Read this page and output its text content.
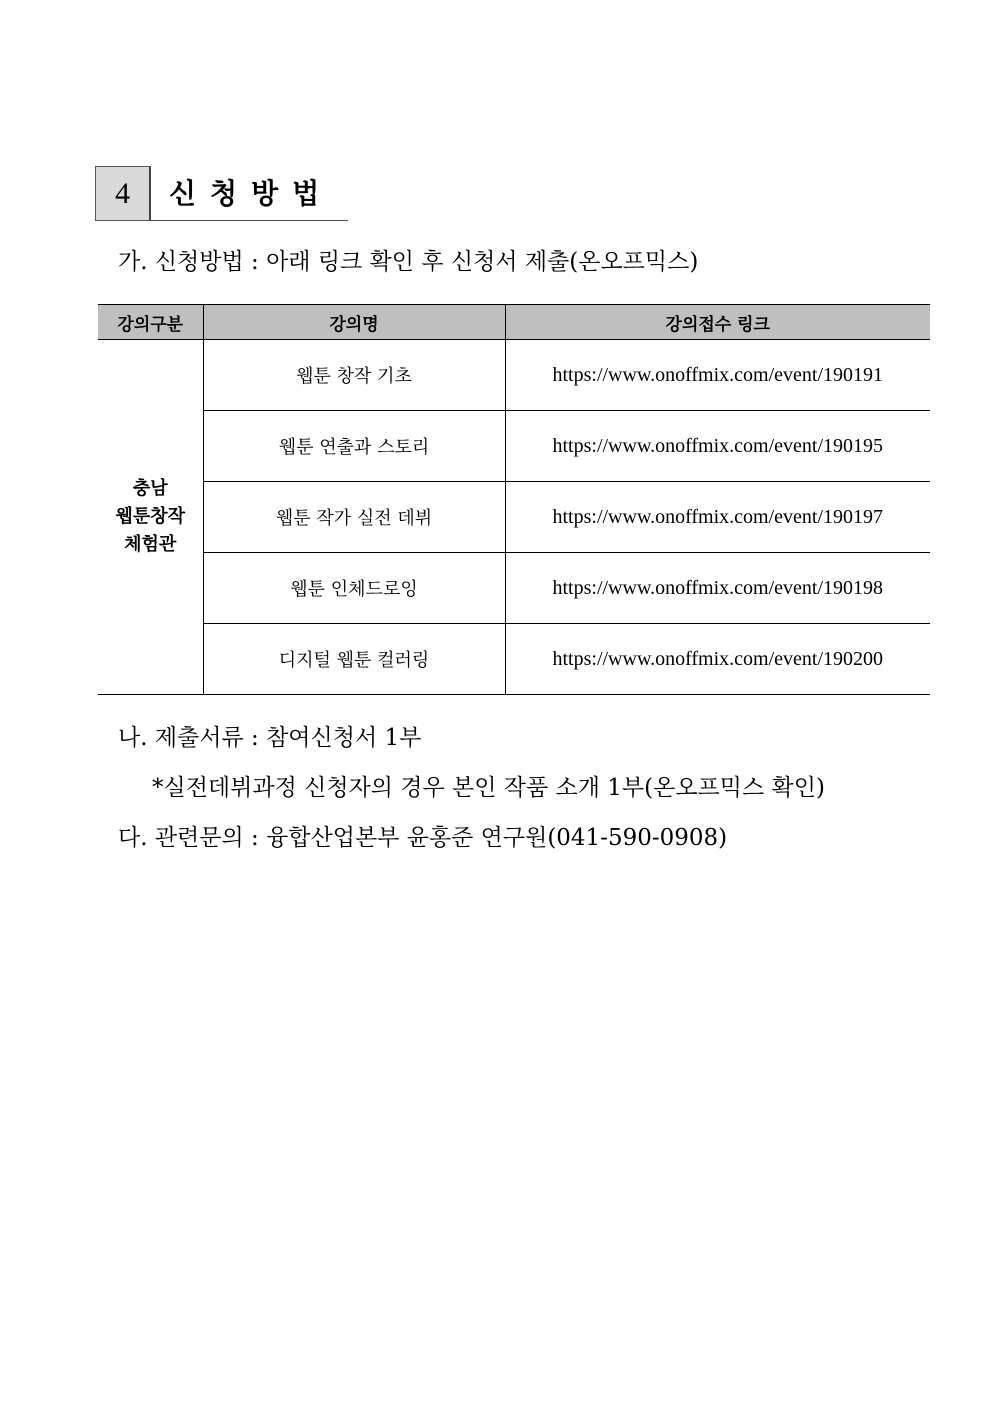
4	신청방법
가. 신청방법 : 아래 링크 확인 후 신청서 제출(온오프믹스)
강의구분	강의명	강의접수 링크

충남
웹툰창작
체험관	웹툰 창작 기초	https://www.onoffmix.com/event/190191
	웹툰 연출과 스토리	https://www.onoffmix.com/event/190195
	웹툰 작가 실전 데뷔	https://www.onoffmix.com/event/190197
	웹툰 인체드로잉	https://www.onoffmix.com/event/190198
	디지털 웹툰 컬러링	https://www.onoffmix.com/event/190200
나. 제출서류 : 참여신청서 1부
*실전데뷔과정 신청자의 경우 본인 작품 소개 1부(온오프믹스 확인)
다. 관련문의 : 융합산업본부 윤홍준 연구원(041-590-0908)
